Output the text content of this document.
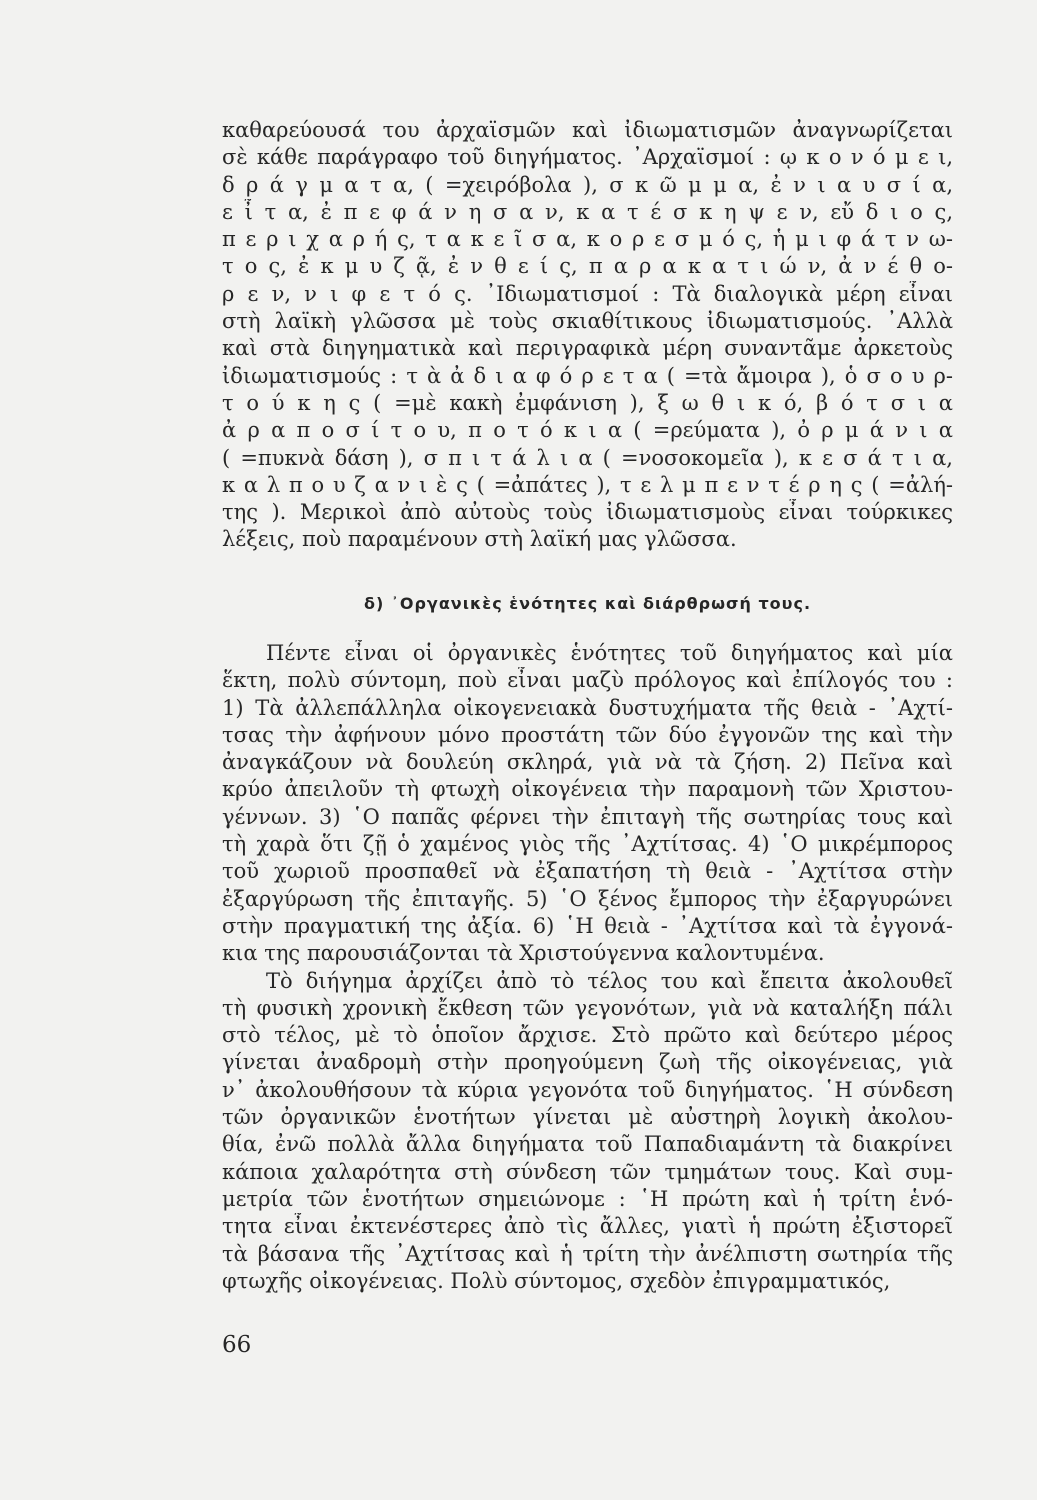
καθαρεύουσά του ἀρχαϊσμῶν καὶ ἰδιωματισμῶν ἀναγνωρίζεται
σὲ κάθε παράγραφο τοῦ διηγήματος. ᾿Αρχαϊσμοί : ῳ κ ο ν ό μ ε ι,
δ ρ ά γ μ α τ α, ( =χειρόβολα ), σ κ ῶ μ μ α, ἐ ν ι α υ σ ί α,
ε ἶ τ α, ἐ π ε φ ά ν η σ α ν, κ α τ έ σ κ η ψ ε ν, εὔ δ ι ο ς,
π ε ρ ι χ α ρ ή ς, τ α κ ε ῖ σ α, κ ο ρ ε σ μ ό ς, ἡ μ ι φ ά τ ν ω-
τ ο ς, ἐ κ μ υ ζ ᾷ, ἐ ν θ ε ί ς, π α ρ α κ α τ ι ώ ν, ἀ ν έ θ ο-
ρ ε ν, ν ι φ ε τ ό ς. ᾿Ιδιωματισμοί : Τὰ διαλογικὰ μέρη εἶναι
στὴ λαϊκὴ γλῶσσα μὲ τοὺς σκιαθίτικους ἰδιωματισμούς. ᾿Αλλὰ
καὶ στὰ διηγηματικὰ καὶ περιγραφικὰ μέρη συναντᾶμε ἀρκετοὺς
ἰδιωματισμούς : τ ὰ ἀ δ ι α φ ό ρ ε τ α ( =τὰ ἄμοιρα ), ὁ σ ο υ ρ-
τ ο ύ κ η ς ( =μὲ κακὴ ἐμφάνιση ), ξ ω θ ι κ ό, β ό τ σ ι α
ἀ ρ α π ο σ ί τ ο υ, π ο τ ό κ ι α ( =ρεύματα ), ὀ ρ μ ά ν ι α
( =πυκνὰ δάση ), σ π ι τ ά λ ι α ( =νοσοκομεῖα ), κ ε σ ά τ ι α,
κ α λ π ο υ ζ α ν ι ὲ ς ( =ἀπάτες ), τ ε λ μ π ε ν τ έ ρ η ς ( =ἀλή-
της ). Μερικοὶ ἀπὸ αὐτοὺς τοὺς ἰδιωματισμοὺς εἶναι τούρκικες
λέξεις, ποὺ παραμένουν στὴ λαϊκή μας γλῶσσα.
δ) ᾿Οργανικὲς ἑνότητες καὶ διάρθρωσή τους.
Πέντε εἶναι οἱ ὀργανικὲς ἑνότητες τοῦ διηγήματος καὶ μία
ἕκτη, πολὺ σύντομη, ποὺ εἶναι μαζὺ πρόλογος καὶ ἐπίλογός του :
1) Τὰ ἀλλεπάλληλα οἰκογενειακὰ δυστυχήματα τῆς θειὰ - ᾿Αχτί-
τσας τὴν ἀφήνουν μόνο προστάτη τῶν δύο ἐγγονῶν της καὶ τὴν
ἀναγκάζουν νὰ δουλεύη σκληρά, γιὰ νὰ τὰ ζήση. 2) Πεῖνα καὶ
κρύο ἀπειλοῦν τὴ φτωχὴ οἰκογένεια τὴν παραμονὴ τῶν Χριστου-
γέννων. 3) ῾Ο παπᾶς φέρνει τὴν ἐπιταγὴ τῆς σωτηρίας τους καὶ
τὴ χαρὰ ὅτι ζῇ ὁ χαμένος γιὸς τῆς ᾿Αχτίτσας. 4) ῾Ο μικρέμπορος
τοῦ χωριοῦ προσπαθεῖ νὰ ἐξαπατήση τὴ θειὰ - ᾿Αχτίτσα στὴν
ἐξαργύρωση τῆς ἐπιταγῆς. 5) ῾Ο ξένος ἔμπορος τὴν ἐξαργυρώνει
στὴν πραγματική της ἀξία. 6) ῾Η θειὰ - ᾿Αχτίτσα καὶ τὰ ἐγγονά-
κια της παρουσιάζονται τὰ Χριστούγεννα καλοντυμένα.
Τὸ διήγημα ἀρχίζει ἀπὸ τὸ τέλος του καὶ ἔπειτα ἀκολουθεῖ
τὴ φυσικὴ χρονικὴ ἔκθεση τῶν γεγονότων, γιὰ νὰ καταλήξη πάλι
στὸ τέλος, μὲ τὸ ὁποῖον ἄρχισε. Στὸ πρῶτο καὶ δεύτερο μέρος
γίνεται ἀναδρομὴ στὴν προηγούμενη ζωὴ τῆς οἰκογένειας, γιὰ
ν᾿ ἀκολουθήσουν τὰ κύρια γεγονότα τοῦ διηγήματος. ῾Η σύνδεση
τῶν ὀργανικῶν ἑνοτήτων γίνεται μὲ αὐστηρὴ λογικὴ ἀκολου-
θία, ἐνῶ πολλὰ ἄλλα διηγήματα τοῦ Παπαδιαμάντη τὰ διακρίνει
κάποια χαλαρότητα στὴ σύνδεση τῶν τμημάτων τους. Καὶ συμ-
μετρία τῶν ἑνοτήτων σημειώνομε : ῾Η πρώτη καὶ ἡ τρίτη ἑνό-
τητα εἶναι ἐκτενέστερες ἀπὸ τὶς ἄλλες, γιατὶ ἡ πρώτη ἐξιστορεῖ
τὰ βάσανα τῆς ᾿Αχτίτσας καὶ ἡ τρίτη τὴν ἀνέλπιστη σωτηρία τῆς
φτωχῆς οἰκογένειας. Πολὺ σύντομος, σχεδὸν ἐπιγραμματικός,
66
